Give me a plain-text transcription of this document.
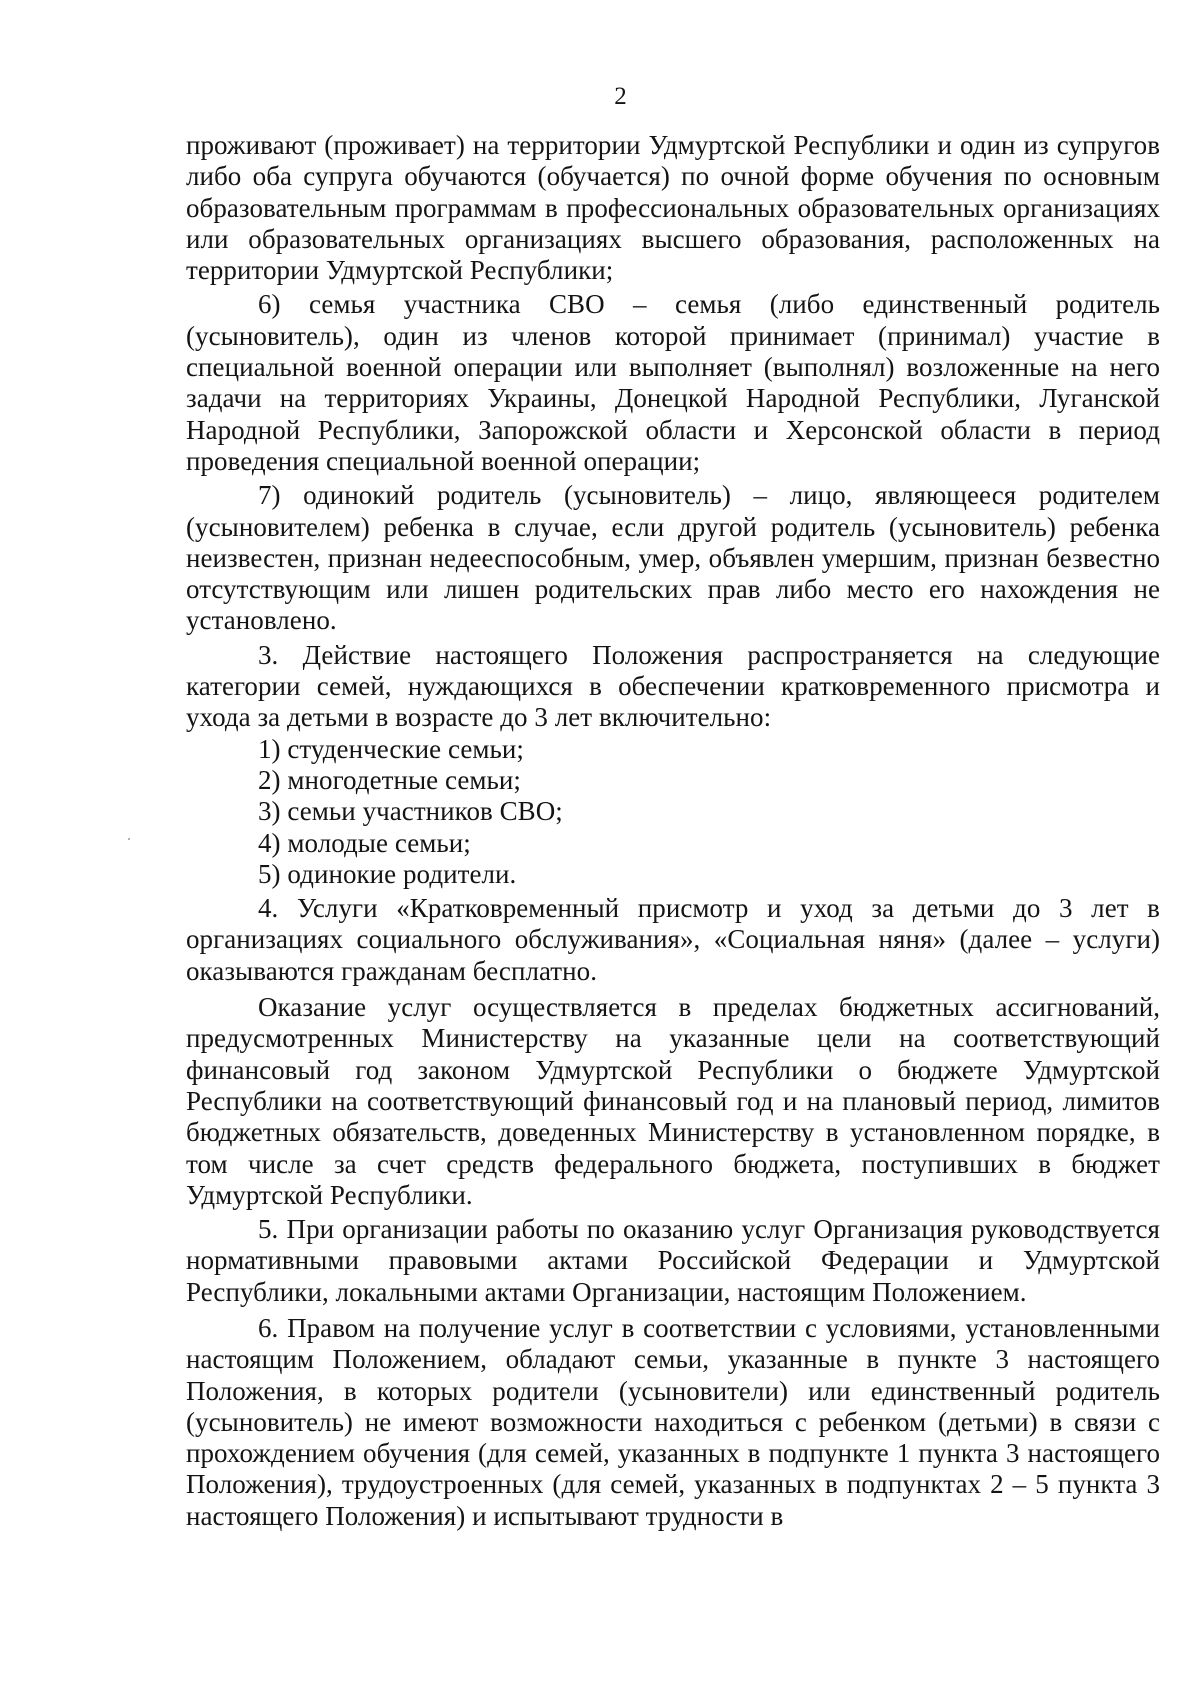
2

проживают (проживает) на территории Удмуртской Республики и один из супругов либо оба супруга обучаются (обучается) по очной форме обучения по основным образовательным программам в профессиональных образовательных организациях или образовательных организациях высшего образования, расположенных на территории Удмуртской Республики;

6) семья участника СВО – семья (либо единственный родитель (усыновитель), один из членов которой принимает (принимал) участие в специальной военной операции или выполняет (выполнял) возложенные на него задачи на территориях Украины, Донецкой Народной Республики, Луганской Народной Республики, Запорожской области и Херсонской области в период проведения специальной военной операции;

7) одинокий родитель (усыновитель) – лицо, являющееся родителем (усыновителем) ребенка в случае, если другой родитель (усыновитель) ребенка неизвестен, признан недееспособным, умер, объявлен умершим, признан безвестно отсутствующим или лишен родительских прав либо место его нахождения не установлено.

3. Действие настоящего Положения распространяется на следующие категории семей, нуждающихся в обеспечении кратковременного присмотра и ухода за детьми в возрасте до 3 лет включительно:

1) студенческие семьи;
2) многодетные семьи;
3) семьи участников СВО;
4) молодые семьи;
5) одинокие родители.

4. Услуги «Кратковременный присмотр и уход за детьми до 3 лет в организациях социального обслуживания», «Социальная няня» (далее – услуги) оказываются гражданам бесплатно.

Оказание услуг осуществляется в пределах бюджетных ассигнований, предусмотренных Министерству на указанные цели на соответствующий финансовый год законом Удмуртской Республики о бюджете Удмуртской Республики на соответствующий финансовый год и на плановый период, лимитов бюджетных обязательств, доведенных Министерству в установленном порядке, в том числе за счет средств федерального бюджета, поступивших в бюджет Удмуртской Республики.

5. При организации работы по оказанию услуг Организация руководствуется нормативными правовыми актами Российской Федерации и Удмуртской Республики, локальными актами Организации, настоящим Положением.

6. Правом на получение услуг в соответствии с условиями, установленными настоящим Положением, обладают семьи, указанные в пункте 3 настоящего Положения, в которых родители (усыновители) или единственный родитель (усыновитель) не имеют возможности находиться с ребенком (детьми) в связи с прохождением обучения (для семей, указанных в подпункте 1 пункта 3 настоящего Положения), трудоустроенных (для семей, указанных в подпунктах 2 – 5 пункта 3 настоящего Положения) и испытывают трудности в
